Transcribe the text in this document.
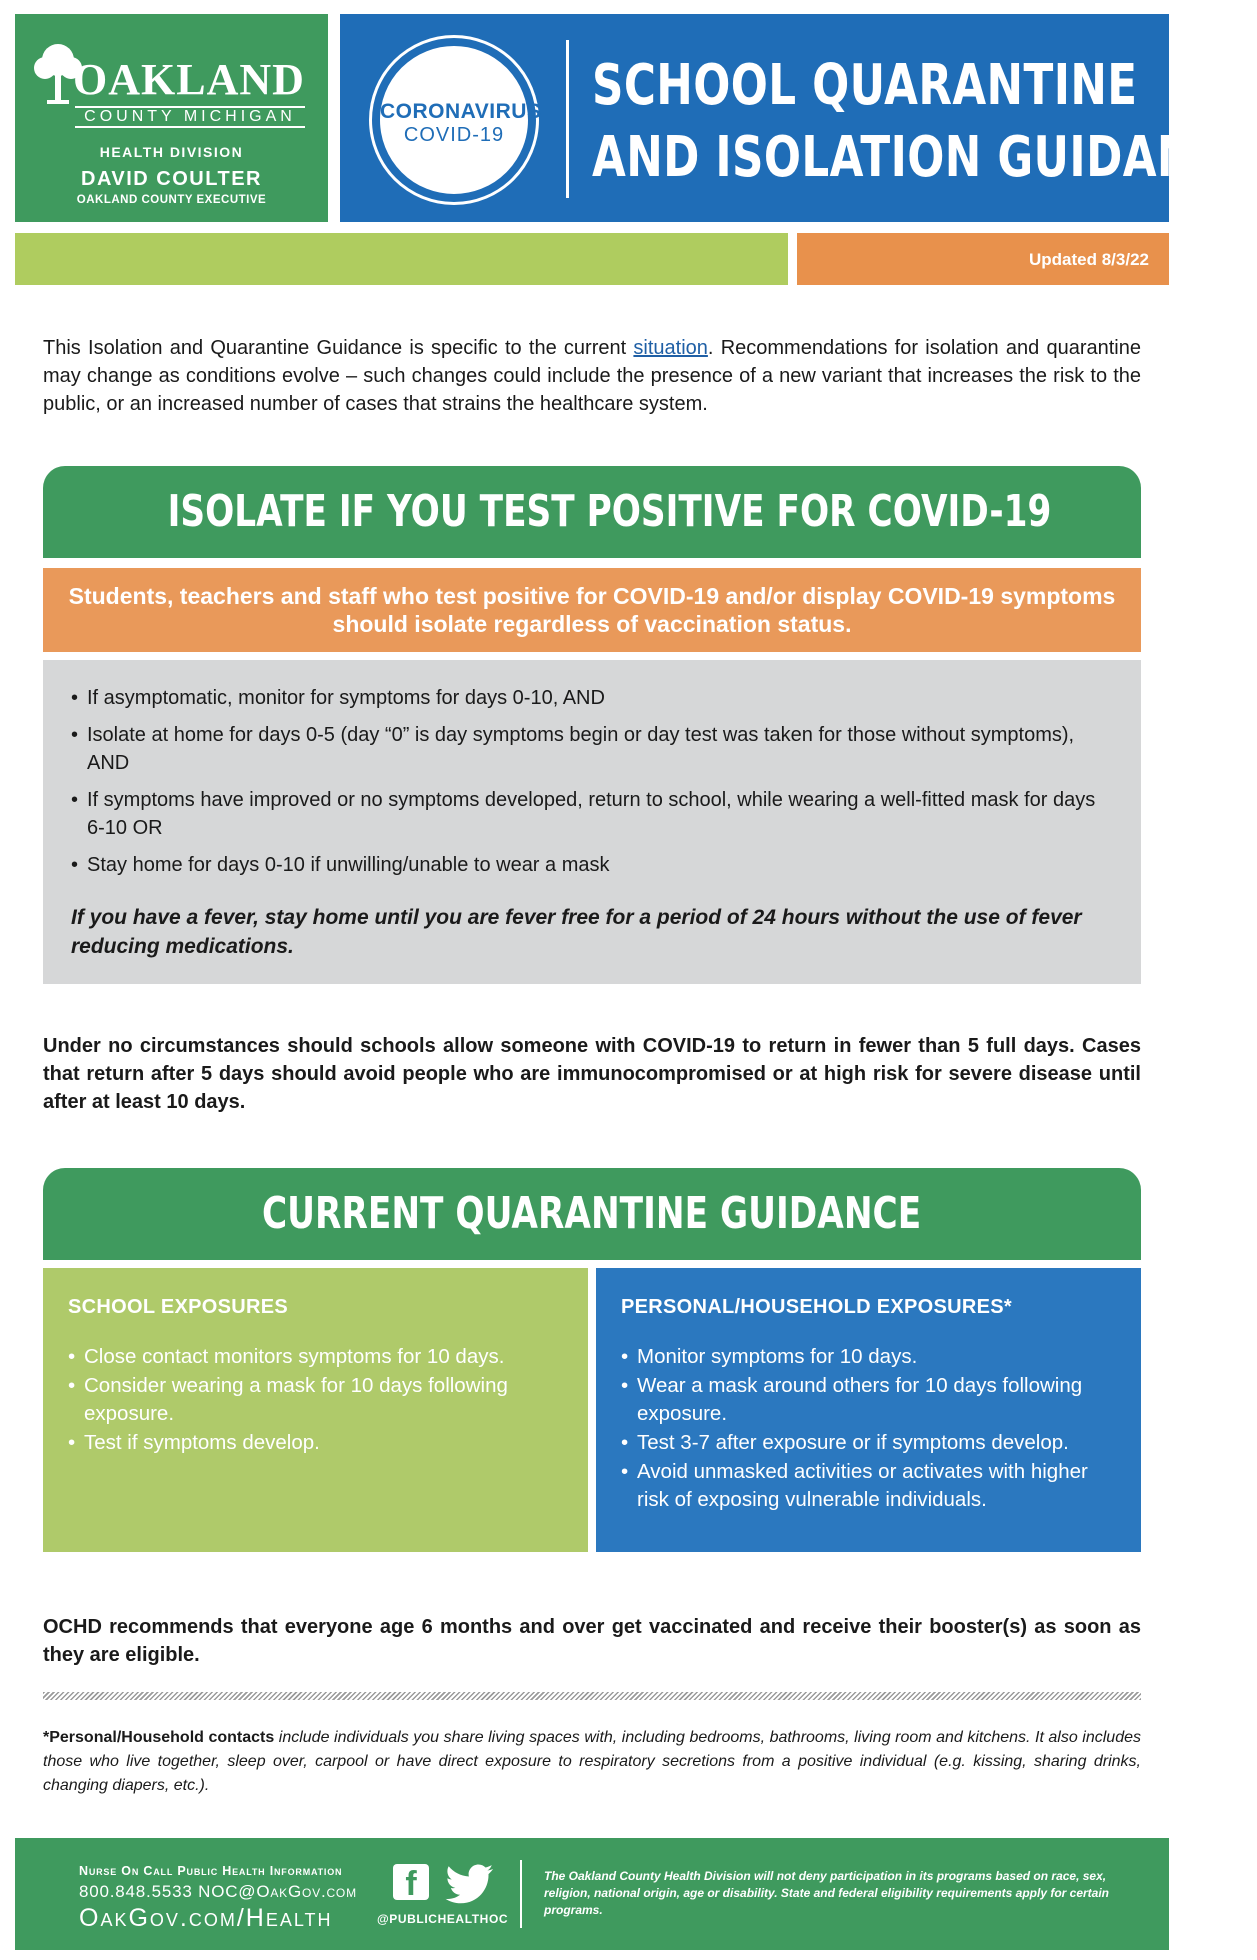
OAKLAND
COUNTY MICHIGAN
HEALTH DIVISION
DAVID COULTER
OAKLAND COUNTY EXECUTIVE
CORONAVIRUS
COVID-19
SCHOOL QUARANTINE
AND ISOLATION GUIDANCE
Updated 8/3/22

This Isolation and Quarantine Guidance is specific to the current situation. Recommendations for isolation and quarantine may change as conditions evolve – such changes could include the presence of a new variant that increases the risk to the public, or an increased number of cases that strains the healthcare system.

ISOLATE IF YOU TEST POSITIVE FOR COVID-19
Students, teachers and staff who test positive for COVID-19 and/or display COVID-19 symptoms should isolate regardless of vaccination status.
• If asymptomatic, monitor for symptoms for days 0-10, AND
• Isolate at home for days 0-5 (day “0” is day symptoms begin or day test was taken for those without symptoms), AND
• If symptoms have improved or no symptoms developed, return to school, while wearing a well-fitted mask for days 6-10 OR
• Stay home for days 0-10 if unwilling/unable to wear a mask

If you have a fever, stay home until you are fever free for a period of 24 hours without the use of fever reducing medications.

Under no circumstances should schools allow someone with COVID-19 to return in fewer than 5 full days. Cases that return after 5 days should avoid people who are immunocompromised or at high risk for severe disease until after at least 10 days.

CURRENT QUARANTINE GUIDANCE
SCHOOL EXPOSURES
• Close contact monitors symptoms for 10 days.
• Consider wearing a mask for 10 days following exposure.
• Test if symptoms develop.
PERSONAL/HOUSEHOLD EXPOSURES*
• Monitor symptoms for 10 days.
• Wear a mask around others for 10 days following exposure.
• Test 3-7 after exposure or if symptoms develop.
• Avoid unmasked activities or activates with higher risk of exposing vulnerable individuals.

OCHD recommends that everyone age 6 months and over get vaccinated and receive their booster(s) as soon as they are eligible.

*Personal/Household contacts include individuals you share living spaces with, including bedrooms, bathrooms, living room and kitchens. It also includes those who live together, sleep over, carpool or have direct exposure to respiratory secretions from a positive individual (e.g. kissing, sharing drinks, changing diapers, etc.).

Nurse On Call Public Health Information
800.848.5533 NOC@OakGov.com
OakGov.com/Health
f
@PUBLICHEALTHOC
The Oakland County Health Division will not deny participation in its programs based on race, sex, religion, national origin, age or disability. State and federal eligibility requirements apply for certain programs.
